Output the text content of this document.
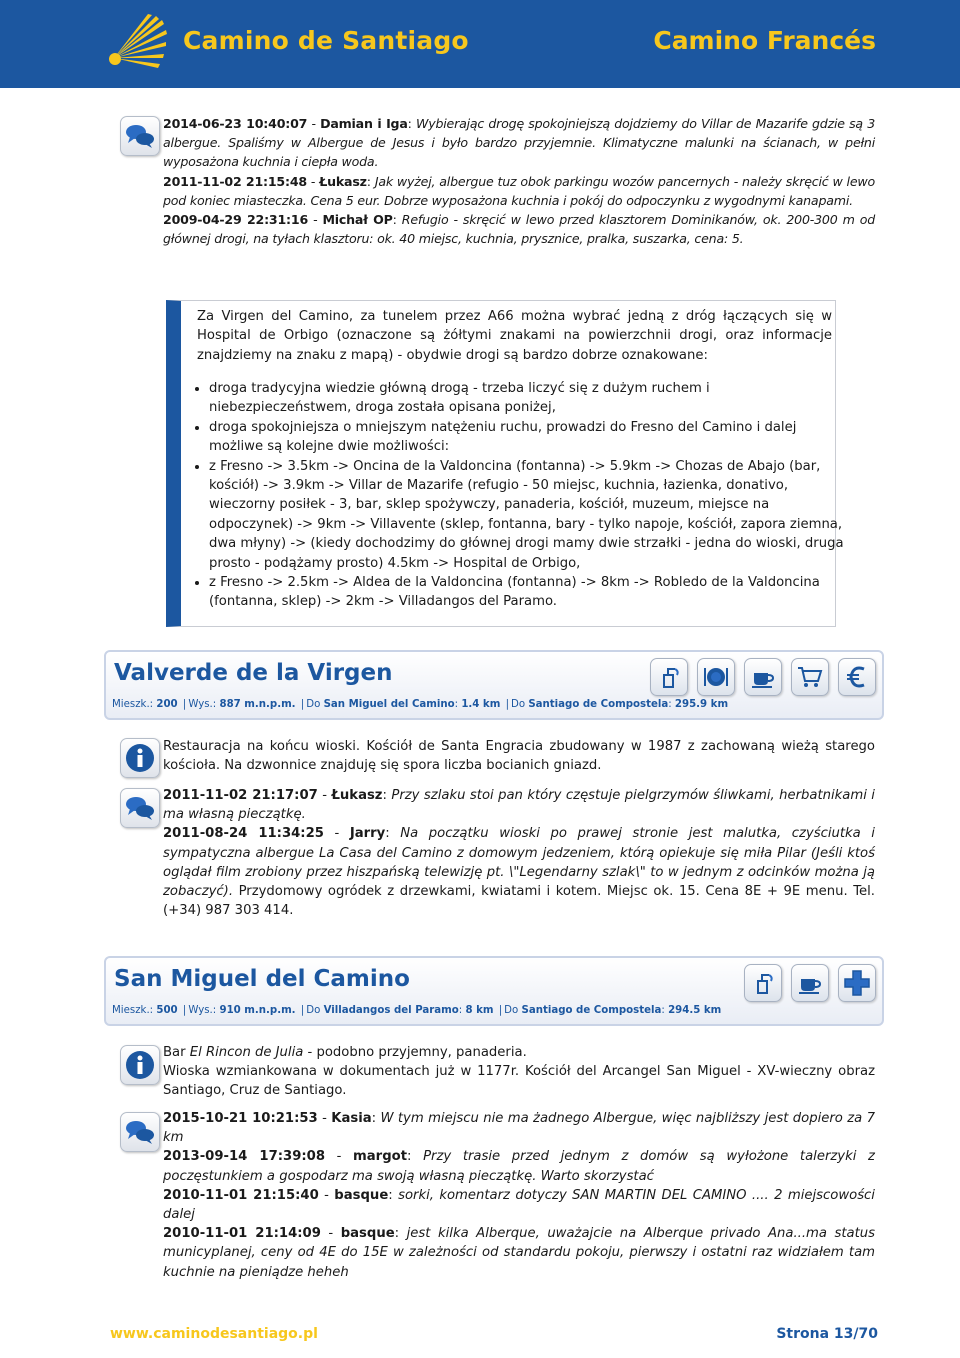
Camino de Santiago	Camino Francés

2014-06-23 10:40:07 - Damian i Iga: Wybierając drogę spokojniejszą dojdziemy do Villar de Mazarife gdzie są 3 albergue. Spaliśmy w Albergue de Jesus i było bardzo przyjemnie. Klimatyczne malunki na ścianach, w pełni wyposażona kuchnia i ciepła woda.

2011-11-02 21:15:48 - Łukasz: Jak wyżej, albergue tuz obok parkingu wozów pancernych - należy skręcić w lewo pod koniec miasteczka. Cena 5 eur. Dobrze wyposażona kuchnia i pokój do odpoczynku z wygodnymi kanapami.

2009-04-29 22:31:16 - Michał OP: Refugio - skręcić w lewo przed klasztorem Dominikanów, ok. 200-300 m od głównej drogi, na tyłach klasztoru: ok. 40 miejsc, kuchnia, prysznice, pralka, suszarka, cena: 5.

Za Virgen del Camino, za tunelem przez A66 można wybrać jedną z dróg łączących się w Hospital de Orbigo (oznaczone są żółtymi znakami na powierzchnii drogi, oraz informacje znajdziemy na znaku z mapą) - obydwie drogi są bardzo dobrze oznakowane:
• droga tradycyjna wiedzie główną drogą - trzeba liczyć się z dużym ruchem i niebezpieczeństwem, droga została opisana poniżej,
• droga spokojniejsza o mniejszym natężeniu ruchu, prowadzi do Fresno del Camino i dalej możliwe są kolejne dwie możliwości:
• z Fresno -> 3.5km -> Oncina de la Valdoncina (fontanna) -> 5.9km -> Chozas de Abajo (bar, kościół) -> 3.9km -> Villar de Mazarife (refugio - 50 miejsc, kuchnia, łazienka, donativo, wieczorny posiłek - 3, bar, sklep spożywczy, panaderia, kościół, muzeum, miejsce na odpoczynek) -> 9km -> Villavente (sklep, fontanna, bary - tylko napoje, kościół, zapora ziemna, dwa młyny) -> (kiedy dochodzimy do głównej drogi mamy dwie strzałki - jedna do wioski, druga prosto - podążamy prosto) 4.5km -> Hospital de Orbigo,
• z Fresno -> 2.5km -> Aldea de la Valdoncina (fontanna) -> 8km -> Robledo de la Valdoncina (fontanna, sklep) -> 2km -> Villadangos del Paramo.
Valverde de la Virgen
Mieszk.: 200 | Wys.: 887 m.n.p.m. | Do San Miguel del Camino: 1.4 km | Do Santiago de Compostela: 295.9 km

Restauracja na końcu wioski. Kościół de Santa Engracia zbudowany w 1987 z zachowaną wieżą starego kościoła. Na dzwonnice znajduję się spora liczba bocianich gniazd.

2011-11-02 21:17:07 - Łukasz: Przy szlaku stoi pan który częstuje pielgrzymów śliwkami, herbatnikami i ma własną pieczątkę.

2011-08-24 11:34:25 - Jarry: Na początku wioski po prawej stronie jest malutka, czyściutka i sympatyczna albergue La Casa del Camino z domowym jedzeniem, którą opiekuje się miła Pilar (Jeśli ktoś oglądał film zrobiony przez hiszpańską telewizję pt. \"Legendarny szlak\" to w jednym z odcinków można ją zobaczyć). Przydomowy ogródek z drzewkami, kwiatami i kotem. Miejsc ok. 15. Cena 8E + 9E menu. Tel. (+34) 987 303 414.

San Miguel del Camino
Mieszk.: 500 | Wys.: 910 m.n.p.m. | Do Villadangos del Paramo: 8 km | Do Santiago de Compostela: 294.5 km

Bar El Rincon de Julia - podobno przyjemny, panaderia.

Wioska wzmiankowana w dokumentach już w 1177r. Kościół del Arcangel San Miguel - XV-wieczny obraz Santiago, Cruz de Santiago.

2015-10-21 10:21:53 - Kasia: W tym miejscu nie ma żadnego Albergue, więc najbliższy jest dopiero za 7 km

2013-09-14 17:39:08 - margot: Przy trasie przed jednym z domów są wyłożone talerzyki z poczęstunkiem a gospodarz ma swoją własną pieczątkę. Warto skorzystać

2010-11-01 21:15:40 - basque: sorki, komentarz dotyczy SAN MARTIN DEL CAMINO .... 2 miejscowości dalej

2010-11-01 21:14:09 - basque: jest kilka Alberque, uważajcie na Alberque privado Ana...ma status municyplanej, ceny od 4E do 15E w zależności od standardu pokoju, pierwszy i ostatni raz widziałem tam kuchnie na pieniądze heheh

www.caminodesantiago.pl	Strona 13/70
